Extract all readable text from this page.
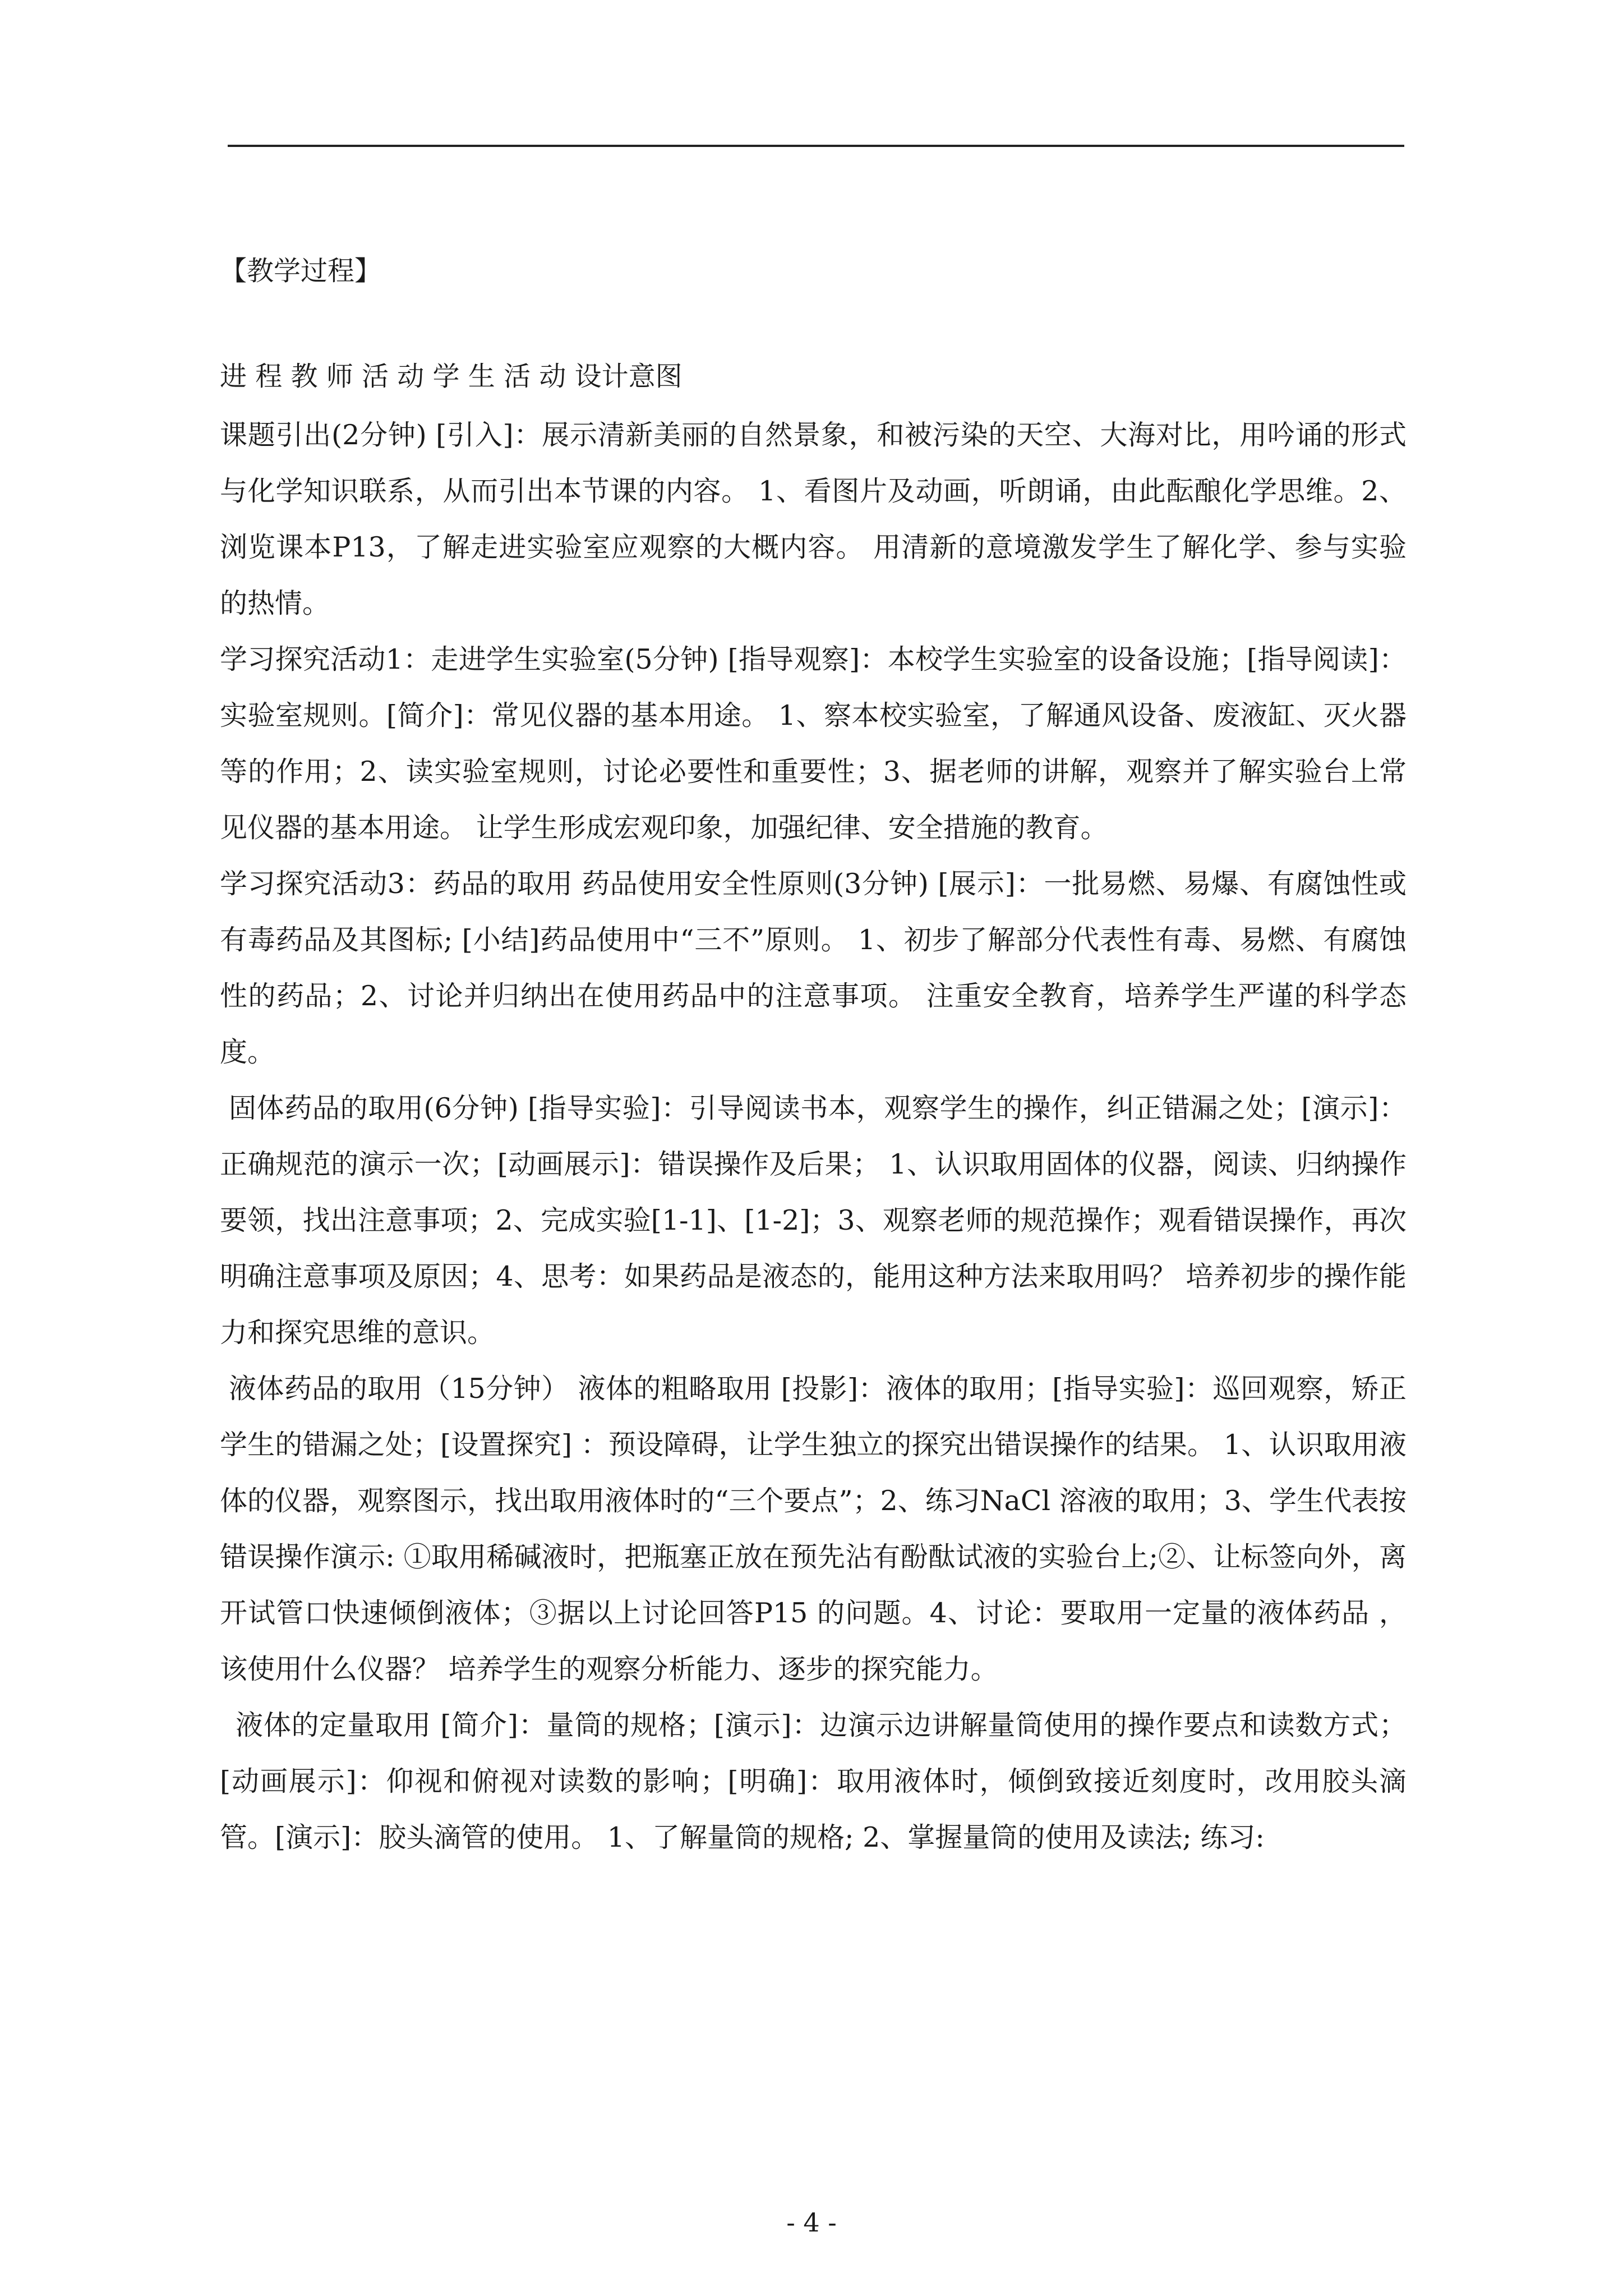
【教学过程】

进 程 教 师 活 动 学 生 活 动 设计意图

课题引出(2分钟) [引入]：展示清新美丽的自然景象，和被污染的天空、大海对比，用吟诵的形式与化学知识联系，从而引出本节课的内容。 1、看图片及动画，听朗诵，由此酝酿化学思维。2、浏览课本P13，了解走进实验室应观察的大概内容。 用清新的意境激发学生了解化学、参与实验的热情。

学习探究活动1：走进学生实验室(5分钟) [指导观察]：本校学生实验室的设备设施；[指导阅读]：实验室规则。[简介]：常见仪器的基本用途。 1、察本校实验室，了解通风设备、废液缸、灭火器等的作用；2、读实验室规则，讨论必要性和重要性；3、据老师的讲解，观察并了解实验台上常见仪器的基本用途。 让学生形成宏观印象，加强纪律、安全措施的教育。

学习探究活动3：药品的取用 药品使用安全性原则(3分钟) [展示]：一批易燃、易爆、有腐蚀性或有毒药品及其图标; [小结]药品使用中“三不”原则。 1、初步了解部分代表性有毒、易燃、有腐蚀性的药品；2、讨论并归纳出在使用药品中的注意事项。 注重安全教育，培养学生严谨的科学态度。

固体药品的取用(6分钟) [指导实验]：引导阅读书本，观察学生的操作，纠正错漏之处；[演示]： 正确规范的演示一次；[动画展示]：错误操作及后果； 1、认识取用固体的仪器，阅读、归纳操作要领，找出注意事项；2、完成实验[1-1]、[1-2]；3、观察老师的规范操作；观看错误操作，再次明确注意事项及原因；4、思考：如果药品是液态的，能用这种方法来取用吗？ 培养初步的操作能力和探究思维的意识。

液体药品的取用（15分钟） 液体的粗略取用 [投影]：液体的取用；[指导实验]：巡回观察，矫正学生的错漏之处；[设置探究] ：预设障碍，让学生独立的探究出错误操作的结果。 1、认识取用液体的仪器，观察图示，找出取用液体时的“三个要点”；2、练习NaCl 溶液的取用；3、学生代表按错误操作演示: ①取用稀碱液时，把瓶塞正放在预先沾有酚酞试液的实验台上;②、让标签向外，离开试管口快速倾倒液体；③据以上讨论回答P15 的问题。4、讨论：要取用一定量的液体药品 ，该使用什么仪器？ 培养学生的观察分析能力、逐步的探究能力。

液体的定量取用 [简介]：量筒的规格；[演示]：边演示边讲解量筒使用的操作要点和读数方式；[动画展示]：仰视和俯视对读数的影响；[明确]：取用液体时，倾倒致接近刻度时，改用胶头滴管。[演示]：胶头滴管的使用。 1、了解量筒的规格; 2、掌握量筒的使用及读法; 练习:

- 4 -
